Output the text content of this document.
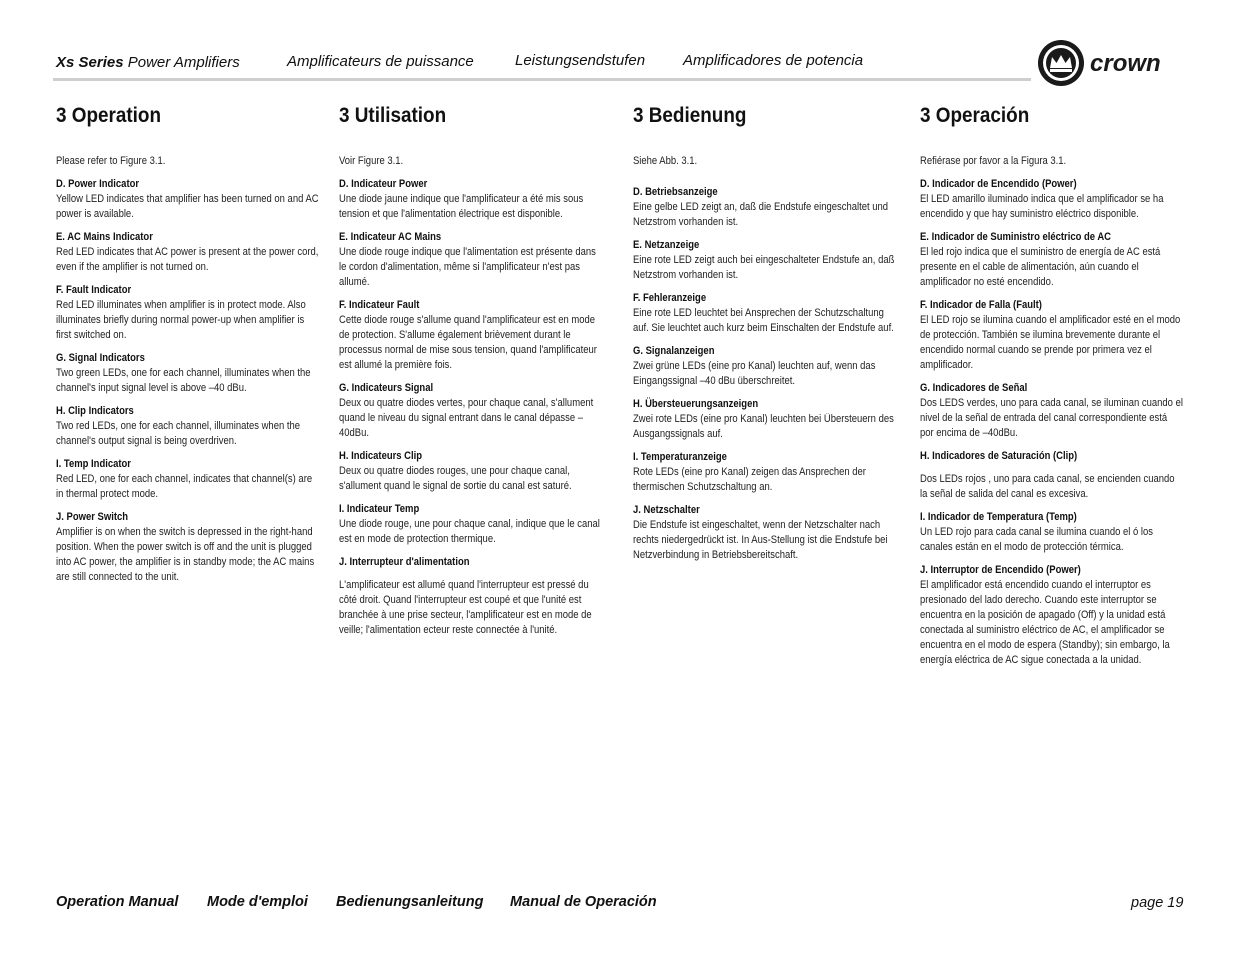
Xs Series Power Amplifiers	Amplificateurs de puissance	Leistungsendstufen	Amplificadores de potencia	crown
3 Operation

Please refer to Figure 3.1.

D. Power Indicator

Yellow LED indicates that amplifier has been turned on and AC power is available.

E. AC Mains Indicator

Red LED indicates that AC power is present at the power cord, even if the amplifier is not turned on.

F. Fault Indicator

Red LED illuminates when amplifier is in protect mode. Also illuminates briefly during normal power-up when amplifier is first switched on.

G. Signal Indicators

Two green LEDs, one for each channel, illuminates when the channel's input signal level is above –40 dBu.

H. Clip Indicators

Two red LEDs, one for each channel, illuminates when the channel's output signal is being overdriven.

I. Temp Indicator

Red LED, one for each channel, indicates that channel(s) are in thermal protect mode.

J. Power Switch

Amplifier is on when the switch is depressed in the right-hand position. When the power switch is off and the unit is plugged into AC power, the amplifier is in standby mode; the AC mains are still connected to the unit.

3 Utilisation

Voir Figure 3.1.

D. Indicateur Power

Une diode jaune indique que l'amplificateur a été mis sous tension et que l'alimentation électrique est disponible.

E. Indicateur AC Mains

Une diode rouge indique que l'alimentation est présente dans le cordon d'alimentation, même si l'amplificateur n'est pas allumé.

F. Indicateur Fault

Cette diode rouge s'allume quand l'amplificateur est en mode de protection. S'allume également brièvement durant le processus normal de mise sous tension, quand l'amplificateur est allumé la première fois.

G. Indicateurs Signal

Deux ou quatre diodes vertes, pour chaque canal, s'allument quand le niveau du signal entrant dans le canal dépasse –40dBu.

H. Indicateurs Clip

Deux ou quatre diodes rouges, une pour chaque canal, s'allument quand le signal de sortie du canal est saturé.

I. Indicateur Temp

Une diode rouge, une pour chaque canal, indique que le canal est en mode de protection thermique.

J. Interrupteur d'alimentation

L'amplificateur est allumé quand l'interrupteur est pressé du côté droit. Quand l'interrupteur est coupé et que l'unité est branchée à une prise secteur, l'amplificateur est en mode de veille; l'alimentation ecteur reste connectée à l'unité.

3 Bedienung

Siehe Abb. 3.1.

D. Betriebsanzeige

Eine gelbe LED zeigt an, daß die Endstufe eingeschaltet und Netzstrom vorhanden ist.

E. Netzanzeige

Eine rote LED zeigt auch bei eingeschalteter Endstufe an, daß Netzstrom vorhanden ist.

F. Fehleranzeige

Eine rote LED leuchtet bei Ansprechen der Schutzschaltung auf. Sie leuchtet auch kurz beim Einschalten der Endstufe auf.

G. Signalanzeigen

Zwei grüne LEDs (eine pro Kanal) leuchten auf, wenn das Eingangssignal –40 dBu überschreitet.

H. Übersteuerungsanzeigen

Zwei rote LEDs (eine pro Kanal) leuchten bei Übersteuern des Ausgangssignals auf.

I. Temperaturanzeige

Rote LEDs (eine pro Kanal) zeigen das Ansprechen der thermischen Schutzschaltung an.

J. Netzschalter

Die Endstufe ist eingeschaltet, wenn der Netzschalter nach rechts niedergedrückt ist. In Aus-Stellung ist die Endstufe bei Netzverbindung in Betriebsbereitschaft.

3 Operación

Refiérase por favor a la Figura 3.1.

D. Indicador de Encendido (Power)

El LED amarillo iluminado indica que el amplificador se ha encendido y que hay suministro eléctrico disponible.

E. Indicador de Suministro eléctrico de AC

El led rojo indica que el suministro de energía de AC está presente en el cable de alimentación, aún cuando el amplificador no esté encendido.

F. Indicador de Falla (Fault)

El LED rojo se ilumina cuando el amplificador esté en el modo de protección. También se ilumina brevemente durante el encendido normal cuando se prende por primera vez el amplificador.

G. Indicadores de Señal

Dos LEDS verdes, uno para cada canal, se iluminan cuando el nivel de la señal de entrada del canal correspondiente está por encima de –40dBu.

H. Indicadores de Saturación (Clip)

Dos LEDs rojos , uno para cada canal, se encienden cuando la señal de salida del canal es excesiva.

I. Indicador de Temperatura (Temp)

Un LED rojo para cada canal se ilumina cuando el ó los canales están en el modo de protección térmica.

J. Interruptor de Encendido (Power)

El amplificador está encendido cuando el interruptor es presionado del lado derecho. Cuando este interruptor se encuentra en la posición de apagado (Off) y la unidad está conectada al suministro eléctrico de AC, el amplificador se encuentra en el modo de espera (Standby); sin embargo, la energía eléctrica de AC sigue conectada a la unidad.

Operation Manual Mode d'emploi Bedienungsanleitung Manual de Operación	page 19
